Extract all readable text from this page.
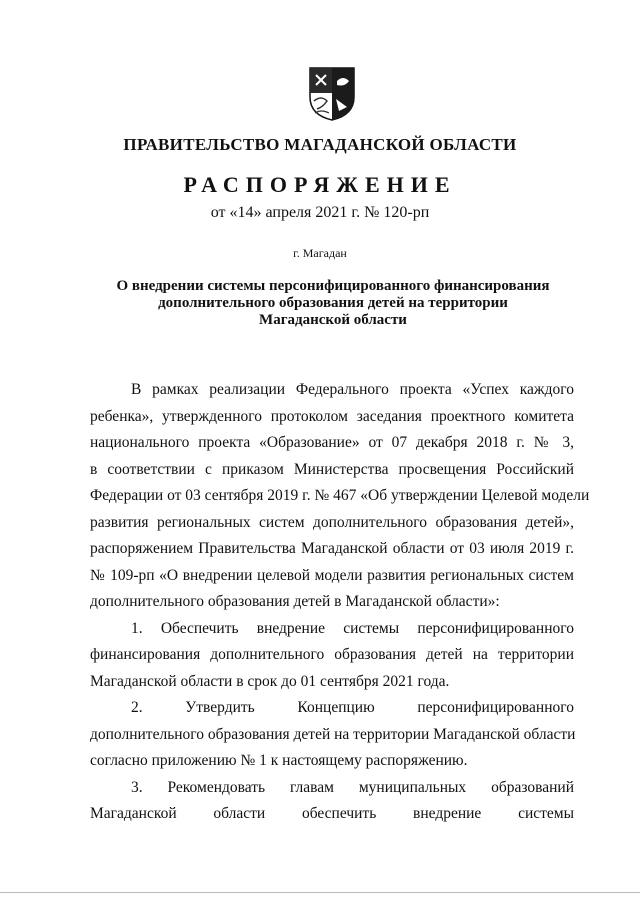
ПРАВИТЕЛЬСТВО МАГАДАНСКОЙ ОБЛАСТИ
РАСПОРЯЖЕНИЕ
от «14» апреля 2021 г. № 120-рп
г. Магадан
О внедрении системы персонифицированного финансирования
дополнительного образования детей на территории
Магаданской области
В рамках реализации Федерального проекта «Успех каждого
ребенка», утвержденного протоколом заседания проектного комитета
национального проекта «Образование» от 07 декабря 2018 г. № 3,
в соответствии с приказом Министерства просвещения Российский
Федерации от 03 сентября 2019 г. № 467 «Об утверждении Целевой модели
развития региональных систем дополнительного образования детей»,
распоряжением Правительства Магаданской области от 03 июля 2019 г.
№ 109-рп «О внедрении целевой модели развития региональных систем
дополнительного образования детей в Магаданской области»:
1. Обеспечить внедрение системы персонифицированного
финансирования дополнительного образования детей на территории
Магаданской области в срок до 01 сентября 2021 года.
2.	Утвердить	Концепцию	персонифицированного
дополнительного образования детей на территории Магаданской области
согласно приложению № 1 к настоящему распоряжению.
3. Рекомендовать главам муниципальных образований
Магаданской области обеспечить внедрение системы
